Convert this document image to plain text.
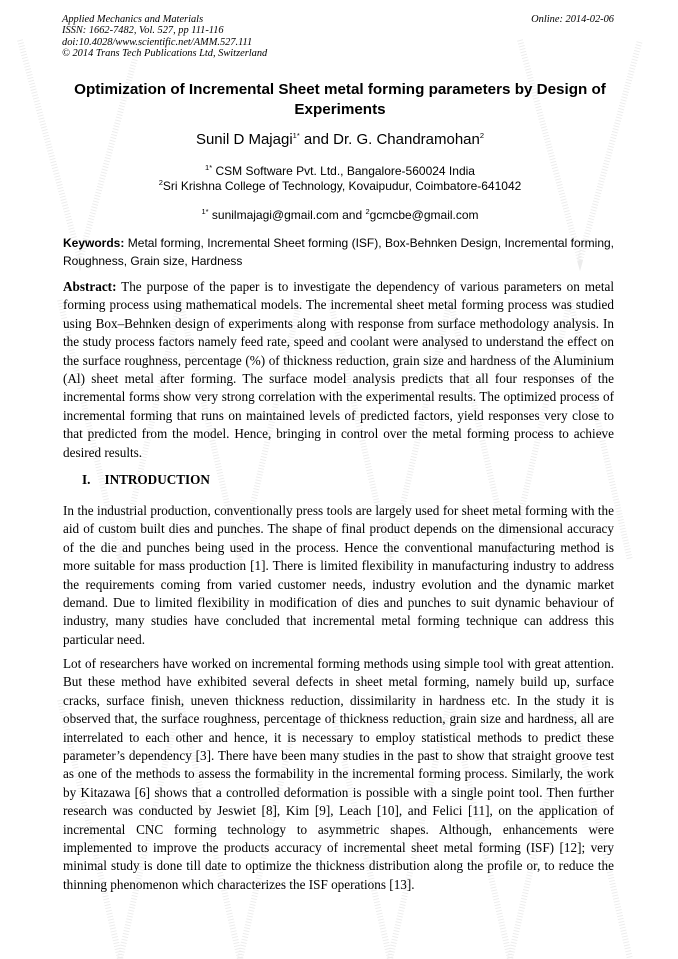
Applied Mechanics and Materials
ISSN: 1662-7482, Vol. 527, pp 111-116
doi:10.4028/www.scientific.net/AMM.527.111
© 2014 Trans Tech Publications Ltd, Switzerland
Online: 2014-02-06
Optimization of Incremental Sheet metal forming parameters by Design of Experiments
Sunil D Majagi$^{1*}$ and Dr. G. Chandramohan$^2$
$^{1*}$ CSM Software Pvt. Ltd., Bangalore-560024 India
$^2$Sri Krishna College of Technology, Kovaipudur, Coimbatore-641042
$^{1*}$ sunilmajagi@gmail.com and $^2$gcmcbe@gmail.com
Keywords: Metal forming, Incremental Sheet forming (ISF), Box-Behnken Design, Incremental forming, Roughness, Grain size, Hardness
Abstract: The purpose of the paper is to investigate the dependency of various parameters on metal forming process using mathematical models. The incremental sheet metal forming process was studied using Box–Behnken design of experiments along with response from surface methodology analysis. In the study process factors namely feed rate, speed and coolant were analysed to understand the effect on the surface roughness, percentage (%) of thickness reduction, grain size and hardness of the Aluminium (Al) sheet metal after forming. The surface model analysis predicts that all four responses of the incremental forms show very strong correlation with the experimental results. The optimized process of incremental forming that runs on maintained levels of predicted factors, yield responses very close to that predicted from the model. Hence, bringing in control over the metal forming process to achieve desired results.
I. INTRODUCTION

In the industrial production, conventionally press tools are largely used for sheet metal forming with the aid of custom built dies and punches. The shape of final product depends on the dimensional accuracy of the die and punches being used in the process. Hence the conventional manufacturing method is more suitable for mass production [1]. There is limited flexibility in manufacturing industry to address the requirements coming from varied customer needs, industry evolution and the dynamic market demand. Due to limited flexibility in modification of dies and punches to suit dynamic behaviour of industry, many studies have concluded that incremental metal forming technique can address this particular need.

Lot of researchers have worked on incremental forming methods using simple tool with great attention. But these method have exhibited several defects in sheet metal forming, namely build up, surface cracks, surface finish, uneven thickness reduction, dissimilarity in hardness etc. In the study it is observed that, the surface roughness, percentage of thickness reduction, grain size and hardness, all are interrelated to each other and hence, it is necessary to employ statistical methods to predict these parameter’s dependency [3]. There have been many studies in the past to show that straight groove test as one of the methods to assess the formability in the incremental forming process. Similarly, the work by Kitazawa [6] shows that a controlled deformation is possible with a single point tool. Then further research was conducted by Jeswiet [8], Kim [9], Leach [10], and Felici [11], on the application of incremental CNC forming technology to asymmetric shapes. Although, enhancements were implemented to improve the products accuracy of incremental sheet metal forming (ISF) [12]; very minimal study is done till date to optimize the thickness distribution along the profile or, to reduce the thinning phenomenon which characterizes the ISF operations [13].
